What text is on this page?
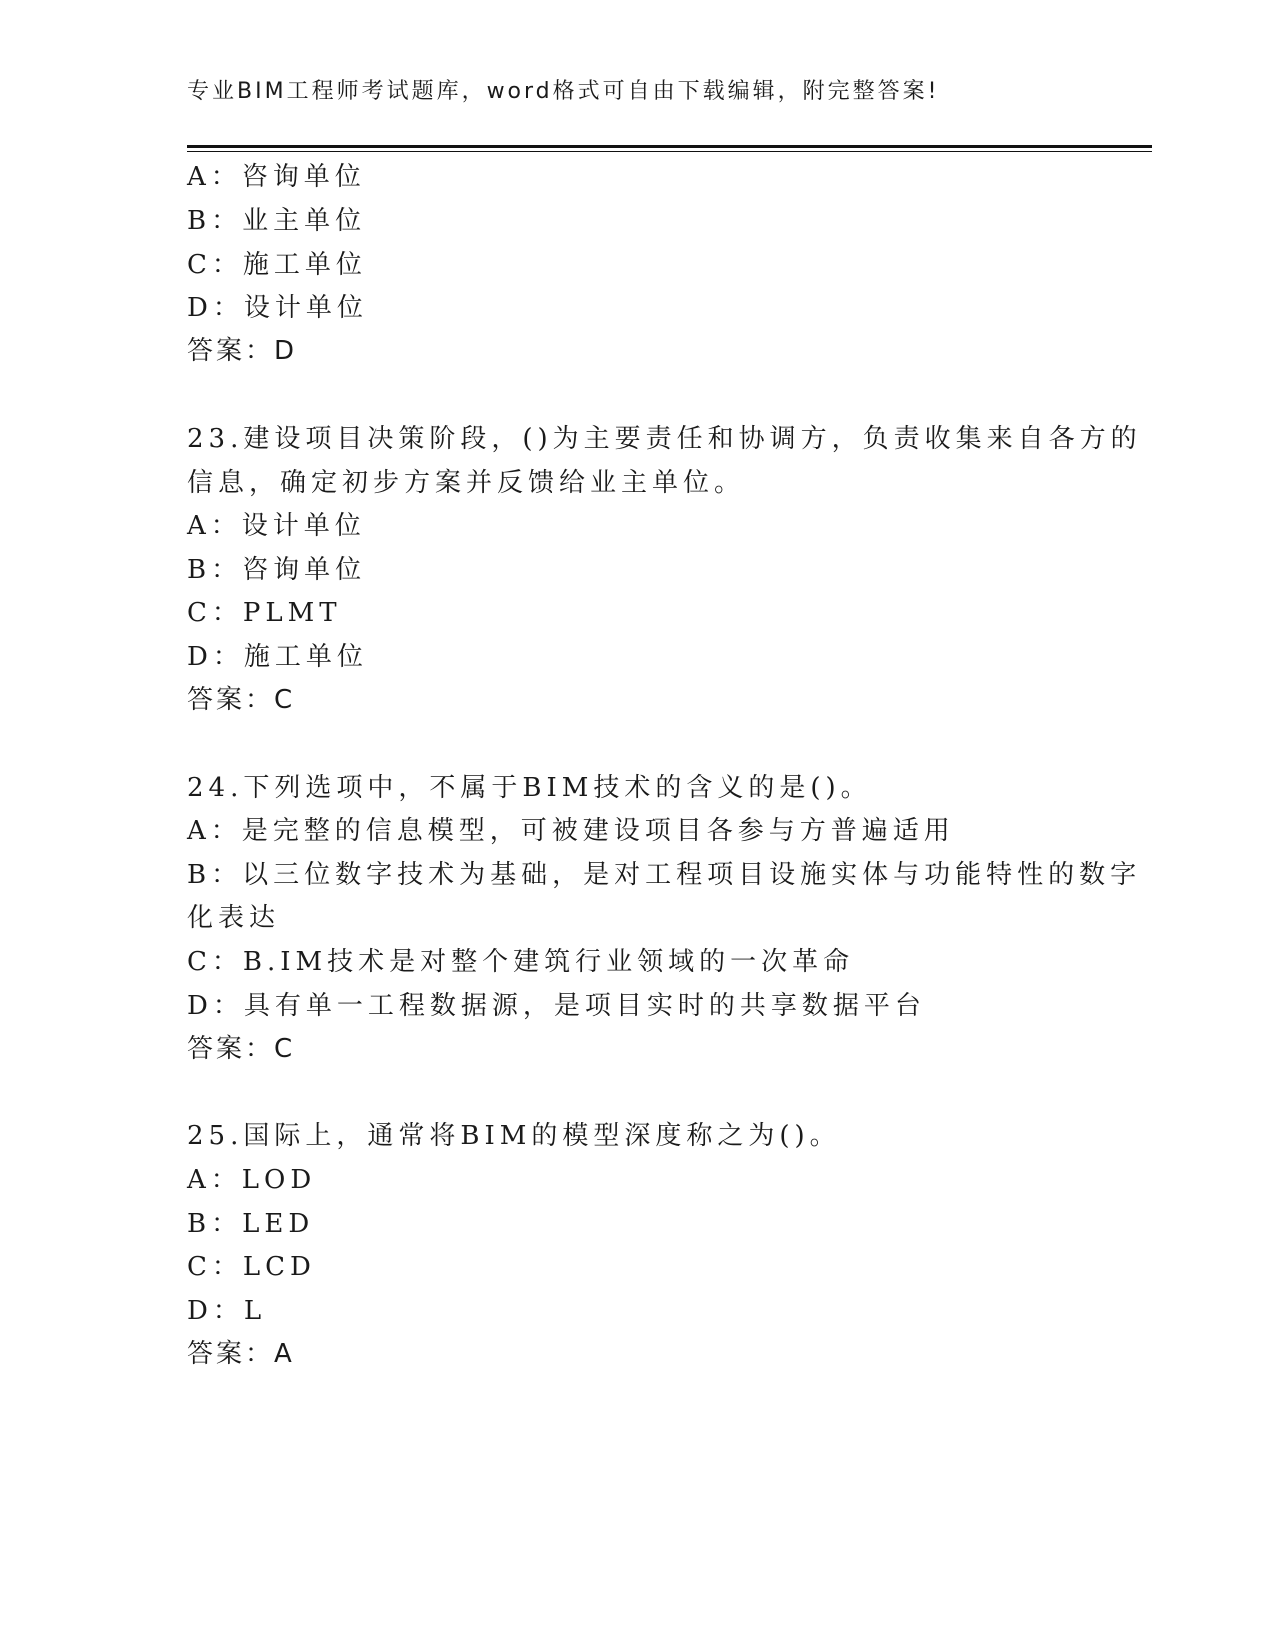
专业BIM工程师考试题库，word格式可自由下载编辑，附完整答案!
A：咨询单位
B：业主单位
C：施工单位
D：设计单位
答案：D
23.建设项目决策阶段，()为主要责任和协调方，负责收集来自各方的
信息，确定初步方案并反馈给业主单位。
A：设计单位
B：咨询单位
C：PLMT
D：施工单位
答案：C
24.下列选项中，不属于BIM技术的含义的是()。
A：是完整的信息模型，可被建设项目各参与方普遍适用
B：以三位数字技术为基础，是对工程项目设施实体与功能特性的数字
化表达
C：B.IM技术是对整个建筑行业领域的一次革命
D：具有单一工程数据源，是项目实时的共享数据平台
答案：C
25.国际上，通常将BIM的模型深度称之为()。
A：LOD
B：LED
C：LCD
D：L
答案：A
